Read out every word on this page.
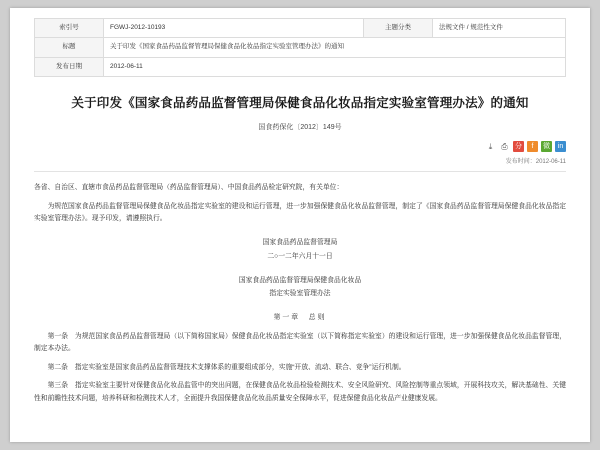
索引号	FGWJ-2012-10193	主题分类	法规文件 / 规范性文件
标题	关于印发《国家食品药品监督管理局保健食品化妆品指定实验室管理办法》的通知		
发布日期	2012-06-11		
关于印发《国家食品药品监督管理局保健食品化妆品指定实验室管理办法》的通知
国食药保化〔2012〕149号
⤓	⎙	分	f	微	in
发布时间：2012-06-11

各省、自治区、直辖市食品药品监督管理局（药品监督管理局）、中国食品药品检定研究院，有关单位：

为规范国家食品药品监督管理局保健食品化妆品指定实验室的建设和运行管理，进一步加强保健食品化妆品监督管理，制定了《国家食品药品监督管理局保健食品化妆品指定实验室管理办法》。现予印发，请遵照执行。

国家食品药品监督管理局
二○一二年六月十一日
国家食品药品监督管理局保健食品化妆品
指定实验室管理办法
第一章　总则

第一条　为规范国家食品药品监督管理局（以下简称国家局）保健食品化妆品指定实验室（以下简称指定实验室）的建设和运行管理，进一步加强保健食品化妆品监督管理，制定本办法。

第二条　指定实验室是国家食品药品监督管理技术支撑体系的重要组成部分，实施“开放、流动、联合、竞争”运行机制。

第三条　指定实验室主要针对保健食品化妆品监管中的突出问题，在保健食品化妆品检验检测技术、安全风险研究、风险控制等重点领域，开展科技攻关，解决基础性、关键性和前瞻性技术问题，培养科研和检测技术人才，全面提升我国保健食品化妆品质量安全保障水平，促进保健食品化妆品产业健康发展。
